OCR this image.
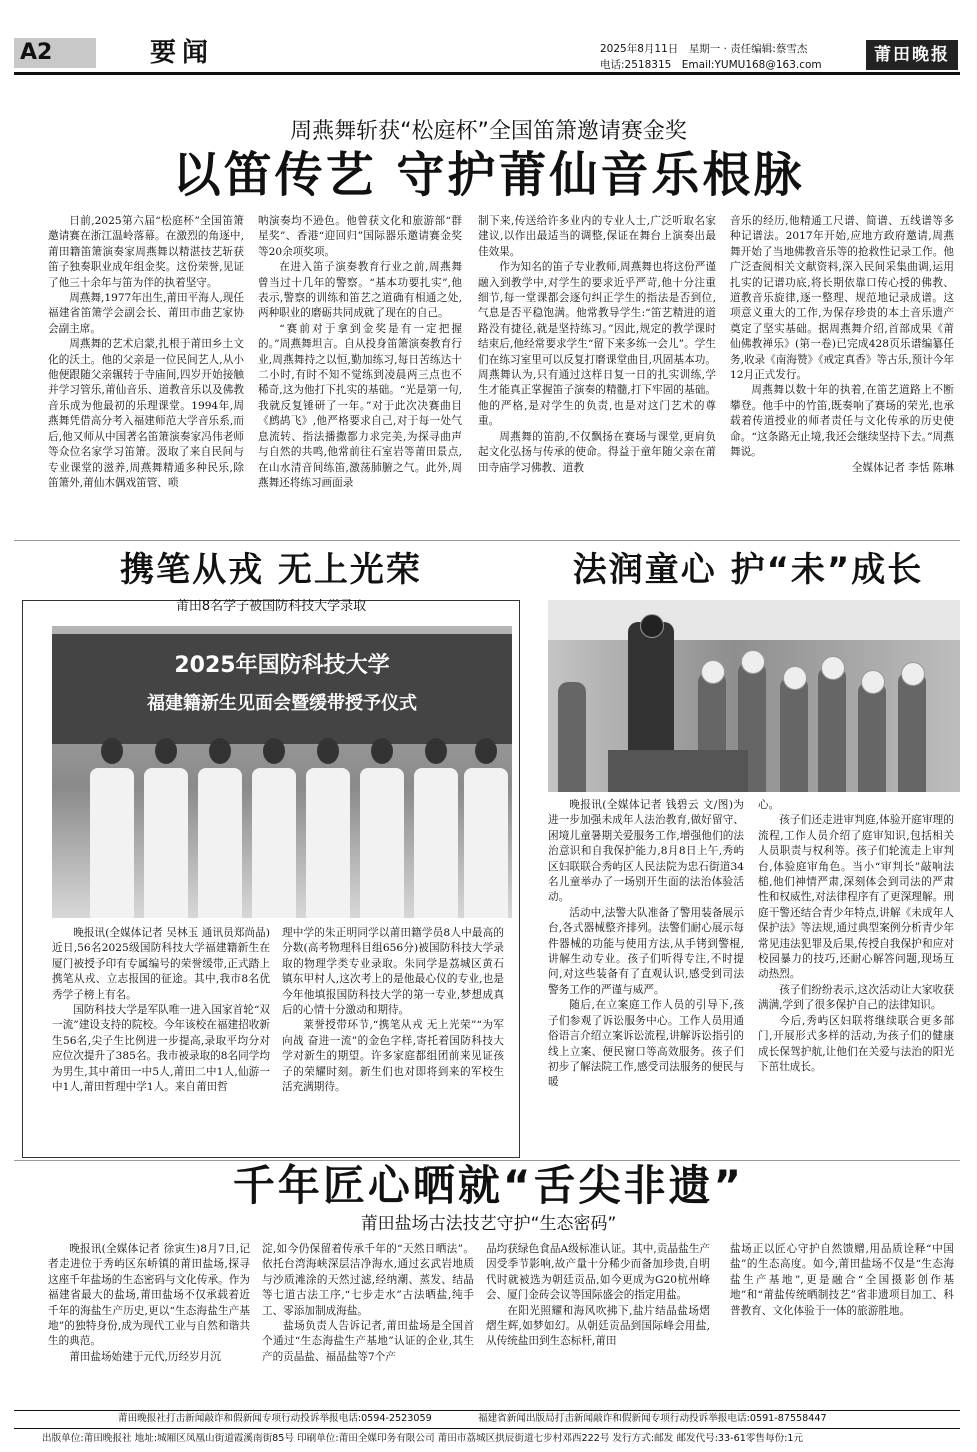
A2	要闻	2025年8月11日　星期一 · 责任编辑:蔡雪杰
电话:2518315　Email:YUMU168@163.com	莆田晚报
周燕舞斩获“松庭杯”全国笛箫邀请赛金奖
以笛传艺 守护莆仙音乐根脉

日前,2025第六届“松庭杯”全国笛箫邀请赛在浙江温岭落幕。在激烈的角逐中,莆田籍笛箫演奏家周燕舞以精湛技艺斩获笛子独奏职业成年组金奖。这份荣誉,见证了他三十余年与笛为伴的执着坚守。

周燕舞,1977年出生,莆田平海人,现任福建省笛箫学会副会长、莆田市曲艺家协会副主席。

周燕舞的艺术启蒙,扎根于莆田乡土文化的沃土。他的父亲是一位民间艺人,从小他便跟随父亲辗转于寺庙间,四岁开始接触并学习管乐,莆仙音乐、道教音乐以及佛教音乐成为他最初的乐理课堂。1994年,周燕舞凭借高分考入福建师范大学音乐系,而后,他又师从中国著名笛箫演奏家冯伟老师等众位名家学习笛箫。汲取了来自民间与专业课堂的滋养,周燕舞精通多种民乐,除笛箫外,莆仙木偶戏笛管、唢

呐演奏均不逊色。他曾获文化和旅游部“群星奖”、香港“迎回归”国际器乐邀请赛金奖等20余项奖项。

在进入笛子演奏教育行业之前,周燕舞曾当过十几年的警察。“基本功要扎实”,他表示,警察的训练和笛艺之道确有相通之处,两种职业的磨砺共同成就了现在的自己。

“赛前对于拿到金奖是有一定把握的。”周燕舞坦言。自从投身笛箫演奏教育行业,周燕舞持之以恒,勤加练习,每日苦练达十二小时,有时不知不觉练到凌晨两三点也不稀奇,这为他打下扎实的基础。“光是第一句,我就反复锤研了一年。”对于此次决赛曲目《鹧鸪飞》,他严格要求自己,对于每一处气息流转、指法播撒都力求完美,为探寻曲声与自然的共鸣,他常前往石室岩等莆田景点,在山水清音间练笛,激荡肺腑之气。此外,周燕舞还将练习画面录

制下来,传送给许多业内的专业人士,广泛听取名家建议,以作出最适当的调整,保证在舞台上演奏出最佳效果。

作为知名的笛子专业教师,周燕舞也将这份严谨融入到教学中,对学生的要求近乎严苛,他十分注重细节,每一堂课都会逐句纠正学生的指法是否到位,气息是否平稳饱满。他常教导学生:“笛艺精进的道路没有捷径,就是坚持练习。”因此,规定的教学课时结束后,他经常要求学生“留下来多练一会儿”。学生们在练习室里可以反复打磨课堂曲目,巩固基本功。周燕舞认为,只有通过这样日复一日的扎实训练,学生才能真正掌握笛子演奏的精髓,打下牢固的基础。他的严格,是对学生的负责,也是对这门艺术的尊重。

周燕舞的笛韵,不仅飘扬在赛场与课堂,更肩负起文化弘扬与传承的使命。得益于童年随父亲在莆田寺庙学习佛教、道教

音乐的经历,他精通工尺谱、简谱、五线谱等多种记谱法。2017年开始,应地方政府邀请,周燕舞开始了当地佛教音乐等的抢救性记录工作。他广泛查阅相关文献资料,深入民间采集曲调,运用扎实的记谱功底,将长期依靠口传心授的佛教、道教音乐旋律,逐一整理、规范地记录成谱。这项意义重大的工作,为保存珍贵的本土音乐遗产奠定了坚实基础。据周燕舞介绍,首部成果《莆仙佛教禅乐》(第一卷)已完成428页乐谱编纂任务,收录《南海赞》《戒定真香》等古乐,预计今年12月正式发行。

周燕舞以数十年的执着,在笛艺道路上不断攀登。他手中的竹笛,既奏响了赛场的荣光,也承载着传道授业的师者责任与文化传承的历史使命。“这条路无止境,我还会继续坚持下去。”周燕舞说。

全媒体记者 李恬 陈琳

携笔从戎 无上光荣
莆田8名学子被国防科技大学录取
2025年国防科技大学
福建籍新生见面会暨缓带授予仪式

晚报讯(全媒体记者 吴林玉 通讯员郑尚晶)近日,56名2025级国防科技大学福建籍新生在厦门被授予印有专属编号的荣誉缓带,正式踏上携笔从戎、立志报国的征途。其中,我市8名优秀学子榜上有名。

国防科技大学是军队唯一进入国家首轮“双一流”建设支持的院校。今年该校在福建招收新生56名,尖子生比例进一步提高,录取平均分对应位次提升了385名。我市被录取的8名同学均为男生,其中莆田一中5人,莆田二中1人,仙游一中1人,莆田哲理中学1人。来自莆田哲

理中学的朱正明同学以莆田籍学员8人中最高的分数(高考物理科目组656分)被国防科技大学录取的物理学类专业录取。朱同学是荔城区黄石镇东甲村人,这次考上的是他最心仪的专业,也是今年他填报国防科技大学的第一专业,梦想成真后的心情十分激动和期待。

莱誉授带环节,“携笔从戎 无上光荣”“为军向战 奋进一流”的金色字样,寄托着国防科技大学对新生的期望。许多家庭都组团前来见证孩子的荣耀时刻。新生们也对即将到来的军校生活充满期待。

法润童心 护“未”成长

晚报讯(全媒体记者 钱碧云 文/图)为进一步加强未成年人法治教育,做好留守、困境儿童暑期关爱服务工作,增强他们的法治意识和自我保护能力,8月8日上午,秀屿区妇联联合秀屿区人民法院为忠石街道34名儿童举办了一场别开生面的法治体验活动。

活动中,法警大队准备了警用装备展示台,各式器械整齐排列。法警们耐心展示每件器械的功能与使用方法,从手铐到警棍,讲解生动专业。孩子们听得专注,不时提问,对这些装备有了直观认识,感受到司法警务工作的严谨与威严。

随后,在立案庭工作人员的引导下,孩子们参观了诉讼服务中心。工作人员用通俗语言介绍立案诉讼流程,讲解诉讼指引的线上立案、便民窗口等高效服务。孩子们初步了解法院工作,感受司法服务的便民与暖

心。

孩子们还走进审判庭,体验开庭审理的流程,工作人员介绍了庭审知识,包括相关人员职责与权利等。孩子们轮流走上审判台,体验庭审角色。当小“审判长”敲响法槌,他们神情严肃,深刻体会到司法的严肃性和权威性,对法律程序有了更深理解。刑庭干警还结合青少年特点,讲解《未成年人保护法》等法规,通过典型案例分析青少年常见违法犯罪及后果,传授自我保护和应对校园暴力的技巧,还耐心解答问题,现场互动热烈。

孩子们纷纷表示,这次活动让大家收获满满,学到了很多保护自己的法律知识。

今后,秀屿区妇联将继续联合更多部门,开展形式多样的活动,为孩子们的健康成长保驾护航,让他们在关爱与法治的阳光下茁壮成长。

千年匠心晒就“舌尖非遗”
莆田盐场古法技艺守护“生态密码”

晚报讯(全媒体记者 徐寅生)8月7日,记者走进位于秀屿区东峤镇的莆田盐场,探寻这座千年盐场的生态密码与文化传承。作为福建省最大的盐场,莆田盐场不仅承载着近千年的海盐生产历史,更以“生态海盐生产基地”的独特身份,成为现代工业与自然和谐共生的典范。

莆田盐场始建于元代,历经岁月沉

淀,如今仍保留着传承千年的“天然日晒法”。依托台湾海峡深层洁净海水,通过玄武岩地质与沙质滩涂的天然过滤,经纳潮、蒸发、结晶等七道古法工序,“七步走水”古法晒盐,纯手工、零添加制成海盐。

盐场负责人告诉记者,莆田盐场是全国首个通过“生态海盐生产基地”认证的企业,其生产的贡晶盐、福晶盐等7个产

品均获绿色食品A级标准认证。其中,贡晶盐生产因受季节影响,故产量十分稀少而备加珍贵,自明代时就被选为朝廷贡品,如今更成为G20杭州峰会、厦门金砖会议等国际盛会的指定用盐。

在阳光照耀和海风吹拂下,盐片结晶盐场熠熠生辉,如梦如幻。从朝廷贡品到国际峰会用盐,从传统盐田到生态标杆,莆田

盐场正以匠心守护自然馈赠,用品质诠释“中国盐”的生态高度。如今,莆田盐场不仅是“生态海盐生产基地”,更是融合“全国摄影创作基地”和“莆盐传统晒制技艺”省非遗项目加工、科普教育、文化体验于一体的旅游胜地。

莆田晚报社打击新闻敲诈和假新闻专项行动投诉举报电话:0594-2523059	福建省新闻出版局打击新闻敲诈和假新闻专项行动投诉举报电话:0591-87558447
出版单位:莆田晚报社 地址:城厢区凤凰山街道霞溪南街85号 印刷单位:莆田全媒印务有限公司 莆田市荔城区拱辰街道七步村邓西222号 发行方式:邮发 邮发代号:33-61零售每份:1元
